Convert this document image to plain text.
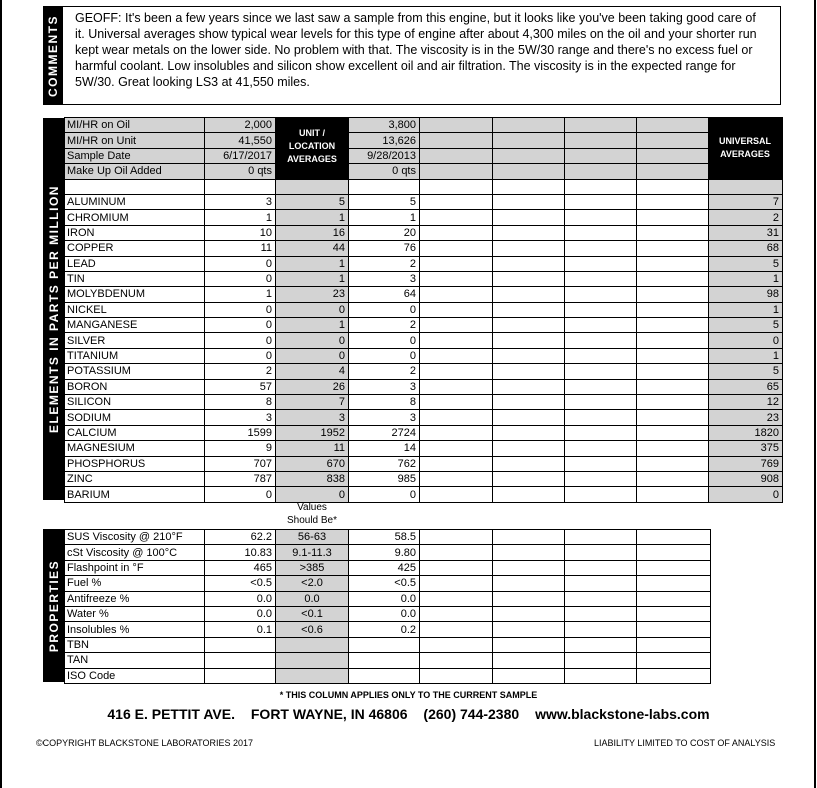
COMMENTS	GEOFF: It's been a few years since we last saw a sample from this engine, but it looks like you've been taking good care of it. Universal averages show typical wear levels for this type of engine after about 4,300 miles on the oil and your shorter run kept wear metals on the lower side. No problem with that. The viscosity is in the 5W/30 range and there's no excess fuel or harmful coolant. Low insolubles and silicon show excellent oil and air filtration. The viscosity is in the expected range for 5W/30. Great looking LS3 at 41,550 miles.
ELEMENTS IN PARTS PER MILLION
MI/HR on Oil	2,000		3,800					
MI/HR on Unit	41,550		13,626					
Sample Date	6/17/2017		9/28/2013					
Make Up Oil Added	0 qts		0 qts					

ALUMINUM	3	5	5					7
CHROMIUM	1	1	1					2
IRON	10	16	20					31
COPPER	11	44	76					68
LEAD	0	1	2					5
TIN	0	1	3					1
MOLYBDENUM	1	23	64					98
NICKEL	0	0	0					1
MANGANESE	0	1	2					5
SILVER	0	0	0					0
TITANIUM	0	0	0					1
POTASSIUM	2	4	2					5
BORON	57	26	3					65
SILICON	8	7	8					12
SODIUM	3	3	3					23
CALCIUM	1599	1952	2724					1820
MAGNESIUM	9	11	14					375
PHOSPHORUS	707	670	762					769
ZINC	787	838	985					908
BARIUM	0	0	0					0
UNIT /
LOCATION
AVERAGES
UNIVERSAL
AVERAGES
Values
Should Be*
PROPERTIES
SUS Viscosity @ 210°F	62.2	56-63	58.5				
cSt Viscosity @ 100°C	10.83	9.1-11.3	9.80				
Flashpoint in °F	465	>385	425				
Fuel %	<0.5	<2.0	<0.5				
Antifreeze %	0.0	0.0	0.0				
Water %	0.0	<0.1	0.0				
Insolubles %	0.1	<0.6	0.2				
TBN							
TAN							
ISO Code							
* THIS COLUMN APPLIES ONLY TO THE CURRENT SAMPLE
416 E. PETTIT AVE. FORT WAYNE, IN 46806 (260) 744-2380 www.blackstone-labs.com
©COPYRIGHT BLACKSTONE LABORATORIES 2017	LIABILITY LIMITED TO COST OF ANALYSIS
